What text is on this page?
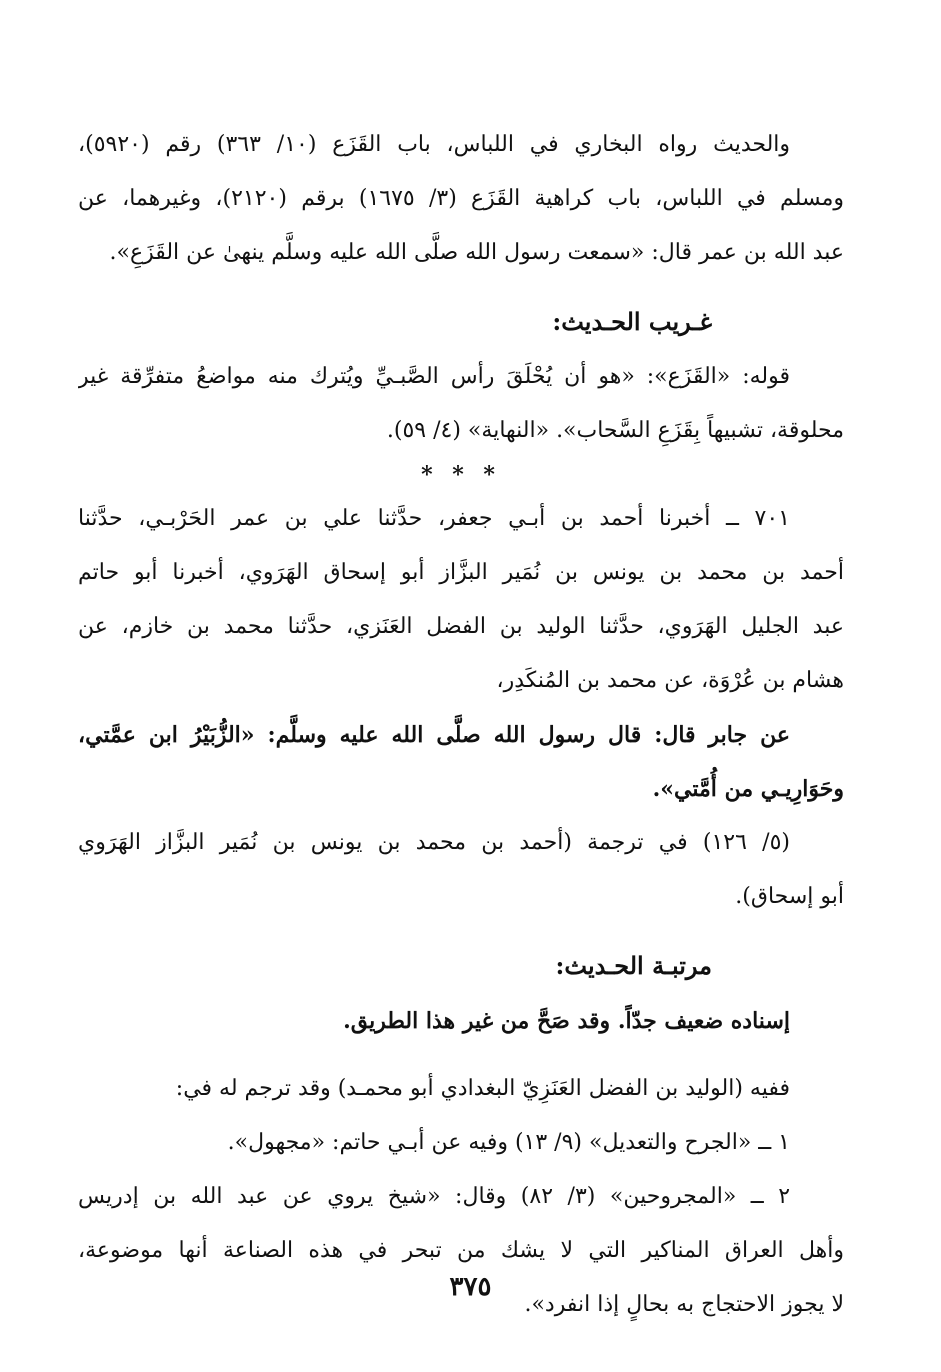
والحديث رواه البخاري في اللباس، باب القَزَع (١٠/ ٣٦٣) رقم (٥٩٢٠)،
ومسلم في اللباس، باب كراهية القَزَع (٣/ ١٦٧٥) برقم (٢١٢٠)، وغيرهما، عن
عبد الله بن عمر قال: «سمعت رسول الله صلَّى الله عليه وسلَّم ينهىٰ عن القَزَعِ».
غـريب الحـديث:
قوله: «القَزَع»: «هو أن يُحْلَقَ رأس الصَّبـيِّ ويُترك منه مواضعُ متفرِّقة غير
محلوقة، تشبيهاً بِقَزَعِ السَّحاب». «النهاية» (٤/ ٥٩).
* * *
٧٠١ ــ أخبرنا أحمد بن أبـي جعفر، حدَّثنا علي بن عمر الحَرْبـي، حدَّثنا
أحمد بن محمد بن يونس بن نُمَير البزَّاز أبو إسحاق الهَرَوي، أخبرنا أبو حاتم
عبد الجليل الهَرَوي، حدَّثنا الوليد بن الفضل العَنَزي، حدَّثنا محمد بن خازم، عن
هشام بن عُرْوَة، عن محمد بن المُنكَدِر،
عن جابر قال: قال رسول الله صلَّى الله عليه وسلَّم: «الزُّبَيْرُ ابن عمَّتي،
وحَوَارِيـي من أُمَّتي».
(٥/ ١٢٦) في ترجمة (أحمد بن محمد بن يونس بن نُمَير البزَّاز الهَرَوي
أبو إسحاق).
مرتبـة الحـديث:
إسناده ضعيف جدّاً. وقد صَحَّ من غير هذا الطريق.
ففيه (الوليد بن الفضل العَنَزِيّ البغدادي أبو محمـد) وقد ترجم له في:
١ ــ «الجرح والتعديل» (٩/ ١٣) وفيه عن أبـي حاتم: «مجهول».
٢ ــ «المجروحين» (٣/ ٨٢) وقال: «شيخ يروي عن عبد الله بن إدريس
وأهل العراق المناكير التي لا يشك من تبحر في هذه الصناعة أنها موضوعة،
لا يجوز الاحتجاج به بحالٍ إذا انفرد».
٣٧٥
